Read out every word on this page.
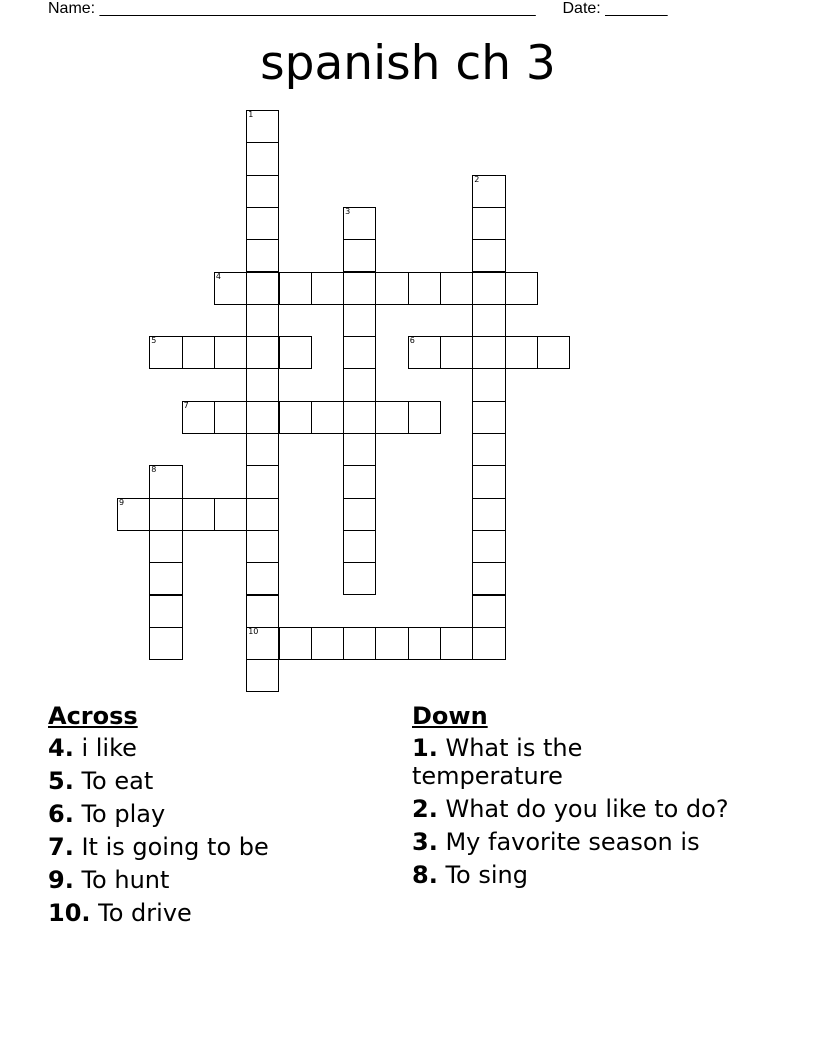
Name: _________________________________________________ Date: _______
spanish ch 3
1
10
2
3
4
5	6
7
8
9
Across
4. i like
5. To eat
6. To play
7. It is going to be
9. To hunt
10. To drive
Down
1. What is the temperature
2. What do you like to do?
3. My favorite season is
8. To sing
